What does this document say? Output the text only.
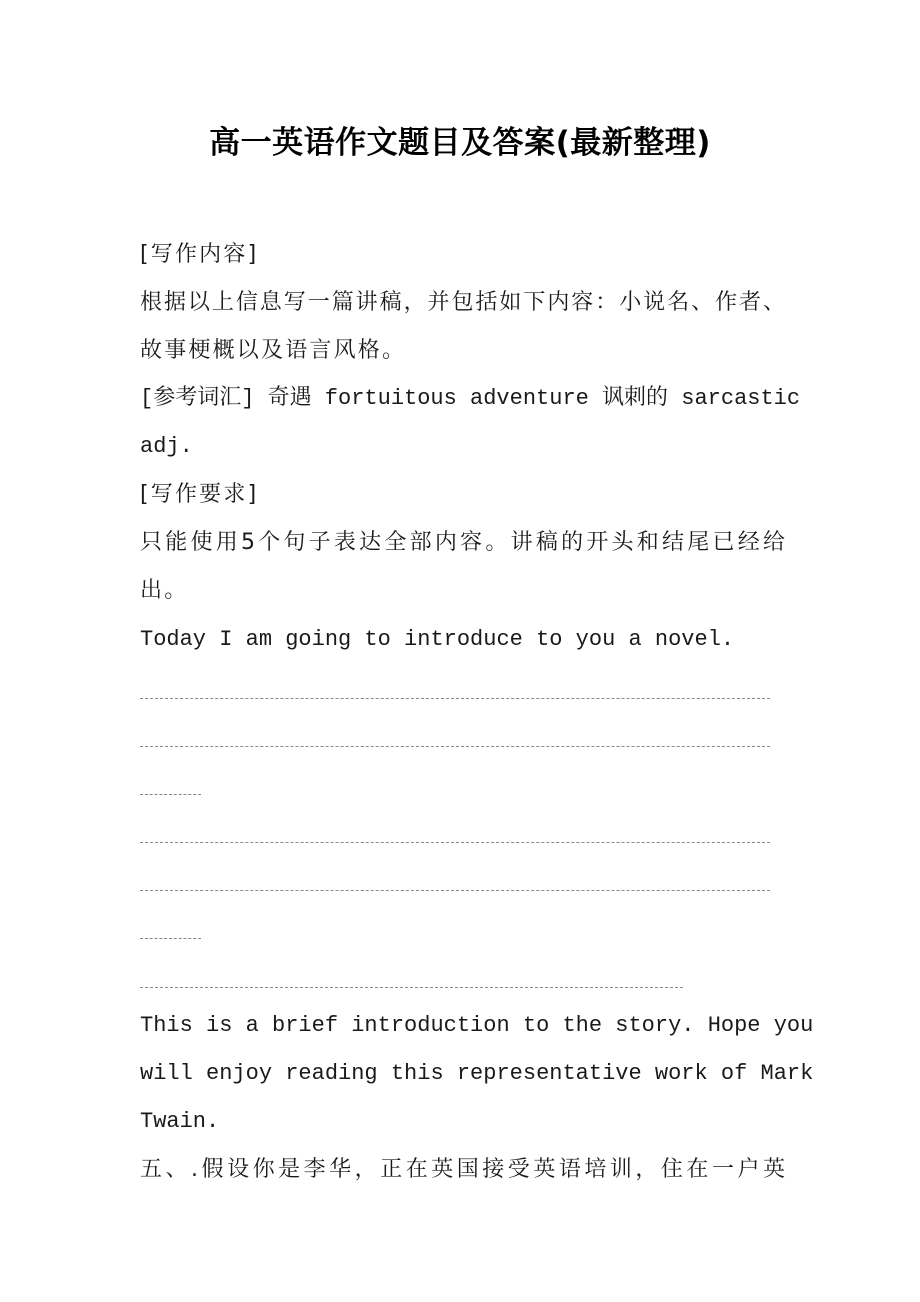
高一英语作文题目及答案(最新整理)

[写作内容]

根据以上信息写一篇讲稿，并包括如下内容：小说名、作者、

故事梗概以及语言风格。

[参考词汇] 奇遇 fortuitous adventure 讽刺的 sarcastic

adj.

[写作要求]

只能使用5个句子表达全部内容。讲稿的开头和结尾已经给

出。

Today I am going to introduce to you a novel.

This is a brief introduction to the story. Hope you

will enjoy reading this representative work of Mark

Twain.

五、.假设你是李华，正在英国接受英语培训，住在一户英
